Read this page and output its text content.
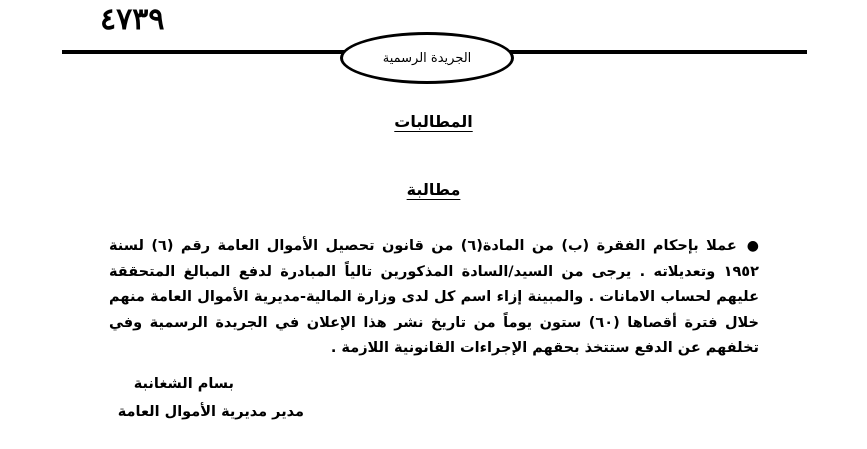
٤٧٣٩
الجريدة الرسمية
المطالبات
مطالبة
●عملا بإحكام الفقرة (ب) من المادة(٦) من قانون تحصيل الأموال العامة رقم (٦) لسنة ١٩٥٢ وتعديلاته . يرجى من السيد/السادة المذكورين تالياً المبادرة لدفع المبالغ المتحققة عليهم لحساب الامانات . والمبينة إزاء اسم كل لدى وزارة المالية-مديرية الأموال العامة منهم خلال فترة أقصاها (٦٠) ستون يوماً من تاريخ نشر هذا الإعلان في الجريدة الرسمية وفي تخلفهم عن الدفع ستتخذ بحقهم الإجراءات القانونية اللازمة .
بسام الشغانبة
مدير مديرية الأموال العامة
